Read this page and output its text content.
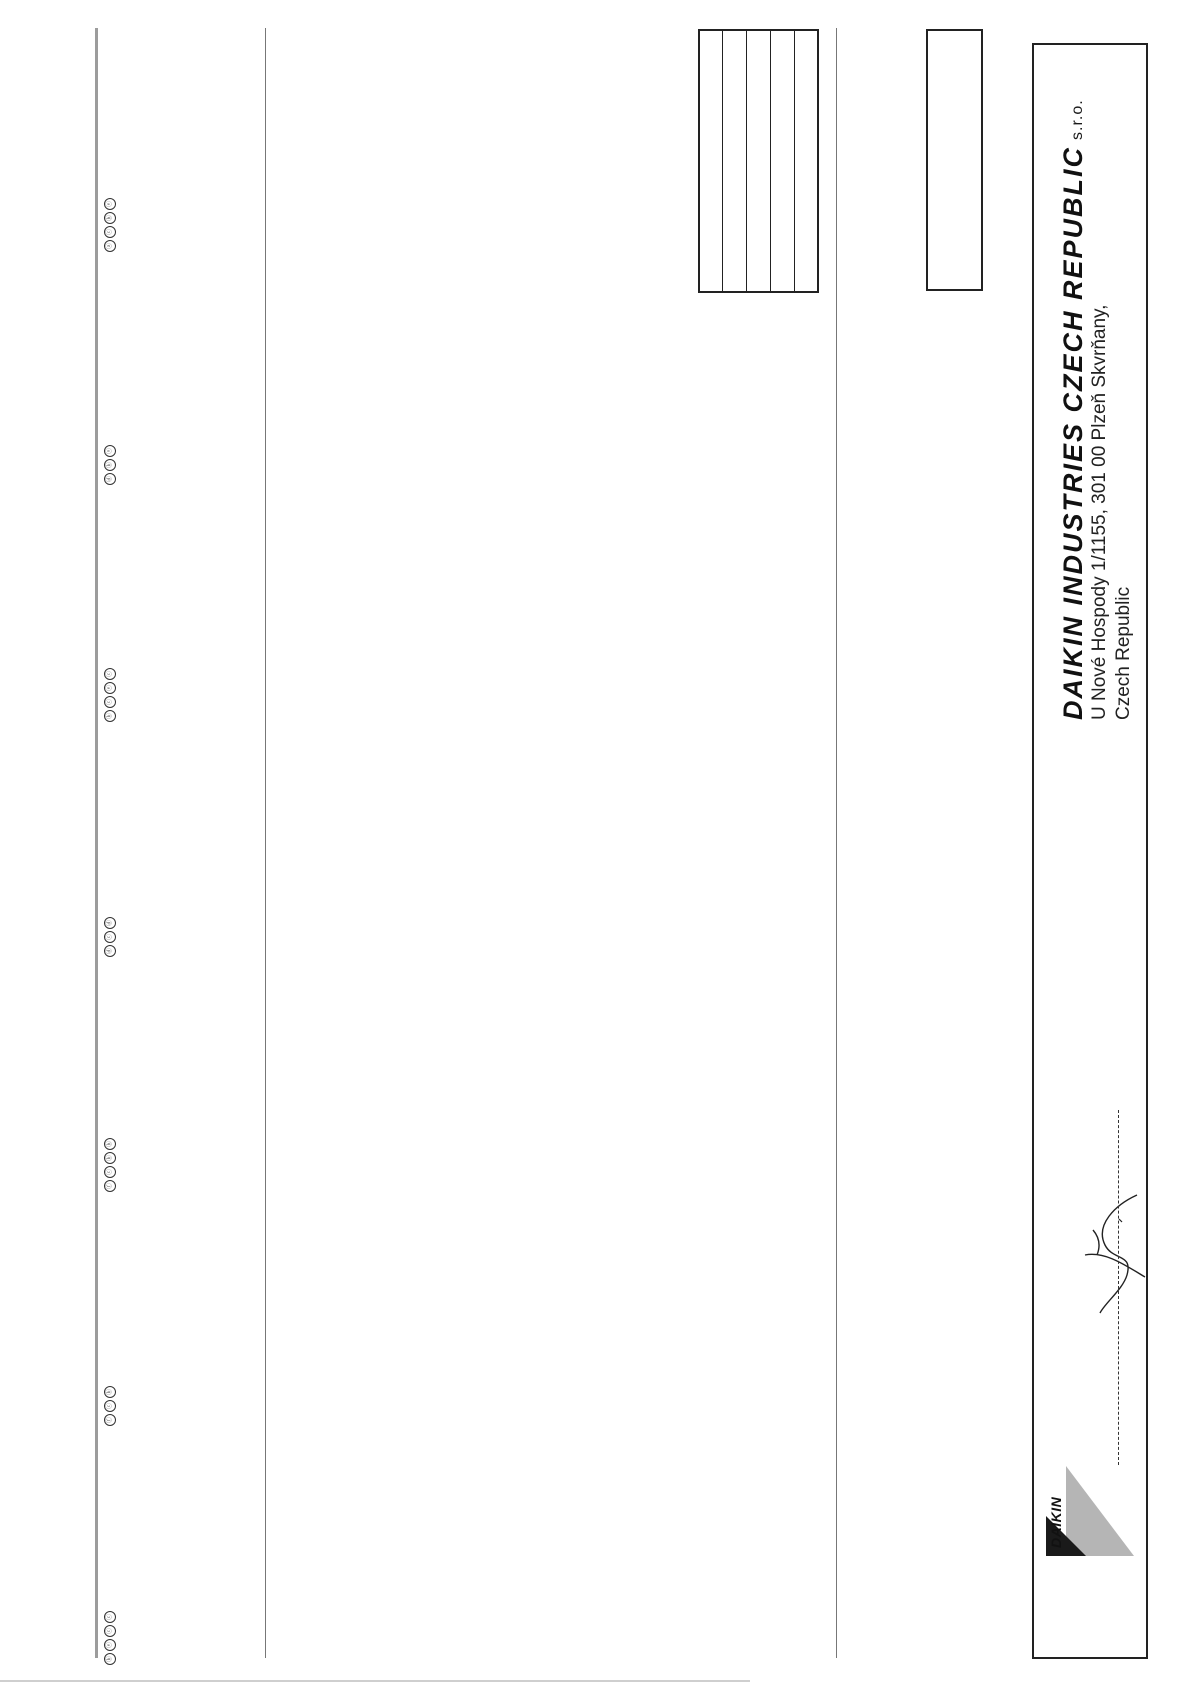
ⓐ
ⓒ
ⓗ
ⓔ
ⓓ
ⓑ
ⓢ
ⓑ
ⓒ
ⓔ
ⓒ
ⓓ
ⓒ
ⓓ
ⓕ
ⓒ
ⓑ
ⓗ
ⓕ
ⓒ
ⓑ
ⓑ
ⓔ
ⓒ
ⓒ
DAIKIN INDUSTRIES CZECH REPUBLICs.r.o.
U Nové Hospody 1/1155, 301 00 Plzeň Skvrňany, Czech Republic
DAIKIN
